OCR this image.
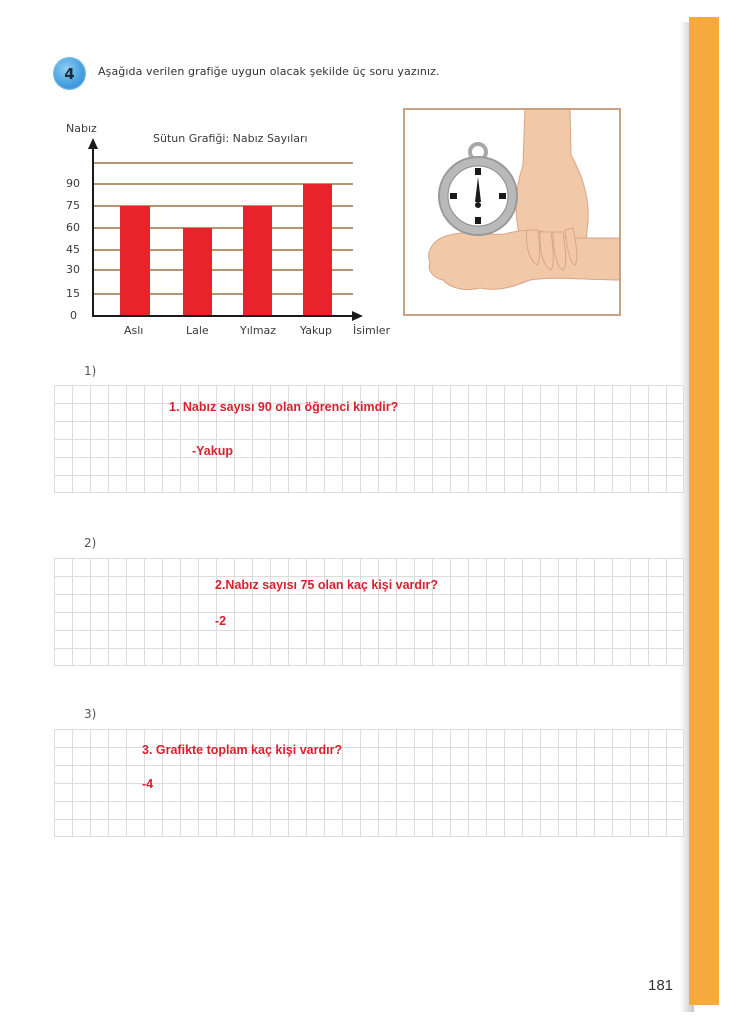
4 Aşağıda verilen grafiğe uygun olacak şekilde üç soru yazınız.
Nabız
Sütun Grafiği: Nabız Sayıları
0
15
30
45
60
75
90
Aslı	Lale	Yılmaz Yakup İsimler
1)
1. Nabız sayısı 90 olan öğrenci kimdir?
-Yakup
2)
2.Nabız sayısı 75 olan kaç kişi vardır?
-2
3)
3. Grafikte toplam kaç kişi vardır?
-4
181
